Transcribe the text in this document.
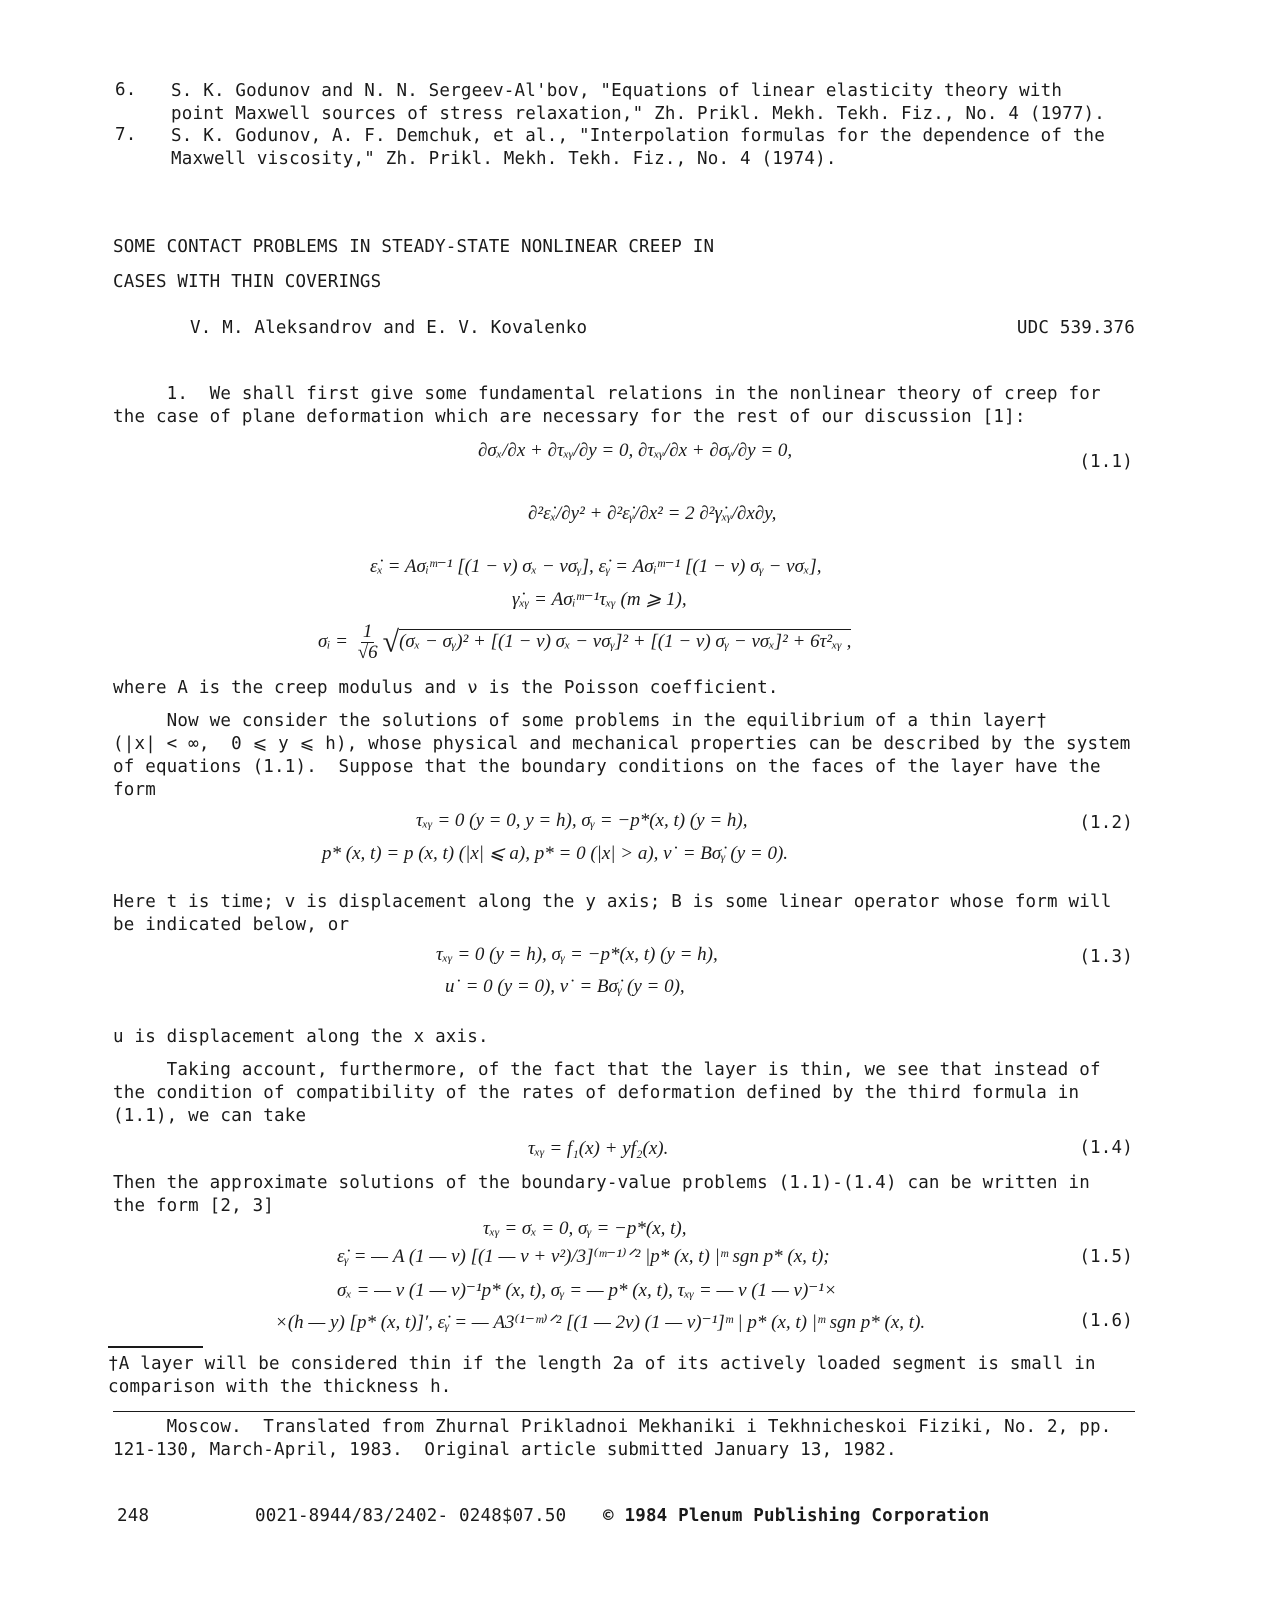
6. S. K. Godunov and N. N. Sergeev-Al'bov, "Equations of linear elasticity theory with
point Maxwell sources of stress relaxation," Zh. Prikl. Mekh. Tekh. Fiz., No. 4 (1977).
7. S. K. Godunov, A. F. Demchuk, et al., "Interpolation formulas for the dependence of the
Maxwell viscosity," Zh. Prikl. Mekh. Tekh. Fiz., No. 4 (1974).
SOME CONTACT PROBLEMS IN STEADY-STATE NONLINEAR CREEP IN
CASES WITH THIN COVERINGS
V. M. Aleksandrov and E. V. Kovalenko	UDC 539.376
1.  We shall first give some fundamental relations in the nonlinear theory of creep for
the case of plane deformation which are necessary for the rest of our discussion [1]:
∂σₓ/∂x + ∂τₓᵧ/∂y = 0, ∂τₓᵧ/∂x + ∂σᵧ/∂y = 0,
(1.1)
∂²ε̇ₓ/∂y² + ∂²ε̇ᵧ/∂x² = 2 ∂²γ̇ₓᵧ/∂x∂y,
ε̇ₓ = Aσᵢᵐ⁻¹ [(1 − ν) σₓ − νσᵧ], ε̇ᵧ = Aσᵢᵐ⁻¹ [(1 − ν) σᵧ − νσₓ],
γ̇ₓᵧ = Aσᵢᵐ⁻¹τₓᵧ (m ⩾ 1),
σᵢ = $\frac{1}{√6} √(\sigma_x$ − σᵧ)² + [(1 − ν) σₓ − νσᵧ]² + [(1 − ν) σᵧ − νσₓ]² + 6τ²ₓᵧ ,
where A is the creep modulus and ν is the Poisson coefficient.
Now we consider the solutions of some problems in the equilibrium of a thin layer†
(|x| < ∞,  0 ⩽ y ⩽ h), whose physical and mechanical properties can be described by the system
of equations (1.1).  Suppose that the boundary conditions on the faces of the layer have the
form
τₓᵧ = 0 (y = 0, y = h), σᵧ = −p*(x, t) (y = h),	(1.2)
p* (x, t) = p (x, t) (|x| ⩽ a), p* = 0 (|x| > a), v˙ = Bσ̇ᵧ (y = 0).
Here t is time; v is displacement along the y axis; B is some linear operator whose form will
be indicated below, or
τₓᵧ = 0 (y = h), σᵧ = −p*(x, t) (y = h),	(1.3)
u˙ = 0 (y = 0), v˙ = Bσ̇ᵧ (y = 0),
u is displacement along the x axis.
Taking account, furthermore, of the fact that the layer is thin, we see that instead of
the condition of compatibility of the rates of deformation defined by the third formula in
(1.1), we can take
τₓᵧ = f₁(x) + yf₂(x).	(1.4)
Then the approximate solutions of the boundary-value problems (1.1)-(1.4) can be written in
the form [2, 3]
τₓᵧ = σₓ = 0, σᵧ = −p*(x, t),
ε̇ᵧ = — A (1 — ν) [(1 — ν + ν²)/3]⁽ᵐ⁻¹⁾ᐟ² |p* (x, t) |ᵐ sgn p* (x, t);	(1.5)
σₓ = — ν (1 — ν)⁻¹p* (x, t), σᵧ = — p* (x, t), τₓᵧ = — ν (1 — ν)⁻¹×
×(h — y) [p* (x, t)]′, ε̇ᵧ = — A3⁽¹⁻ᵐ⁾ᐟ² [(1 — 2ν) (1 — ν)⁻¹]ᵐ | p* (x, t) |ᵐ sgn p* (x, t).	(1.6)
†A layer will be considered thin if the length 2a of its actively loaded segment is small in
comparison with the thickness h.
Moscow.  Translated from Zhurnal Prikladnoi Mekhaniki i Tekhnicheskoi Fiziki, No. 2, pp.
121-130, March-April, 1983.  Original article submitted January 13, 1982.
248	0021-8944/83/2402- 0248$07.50 © 1984 Plenum Publishing Corporation
